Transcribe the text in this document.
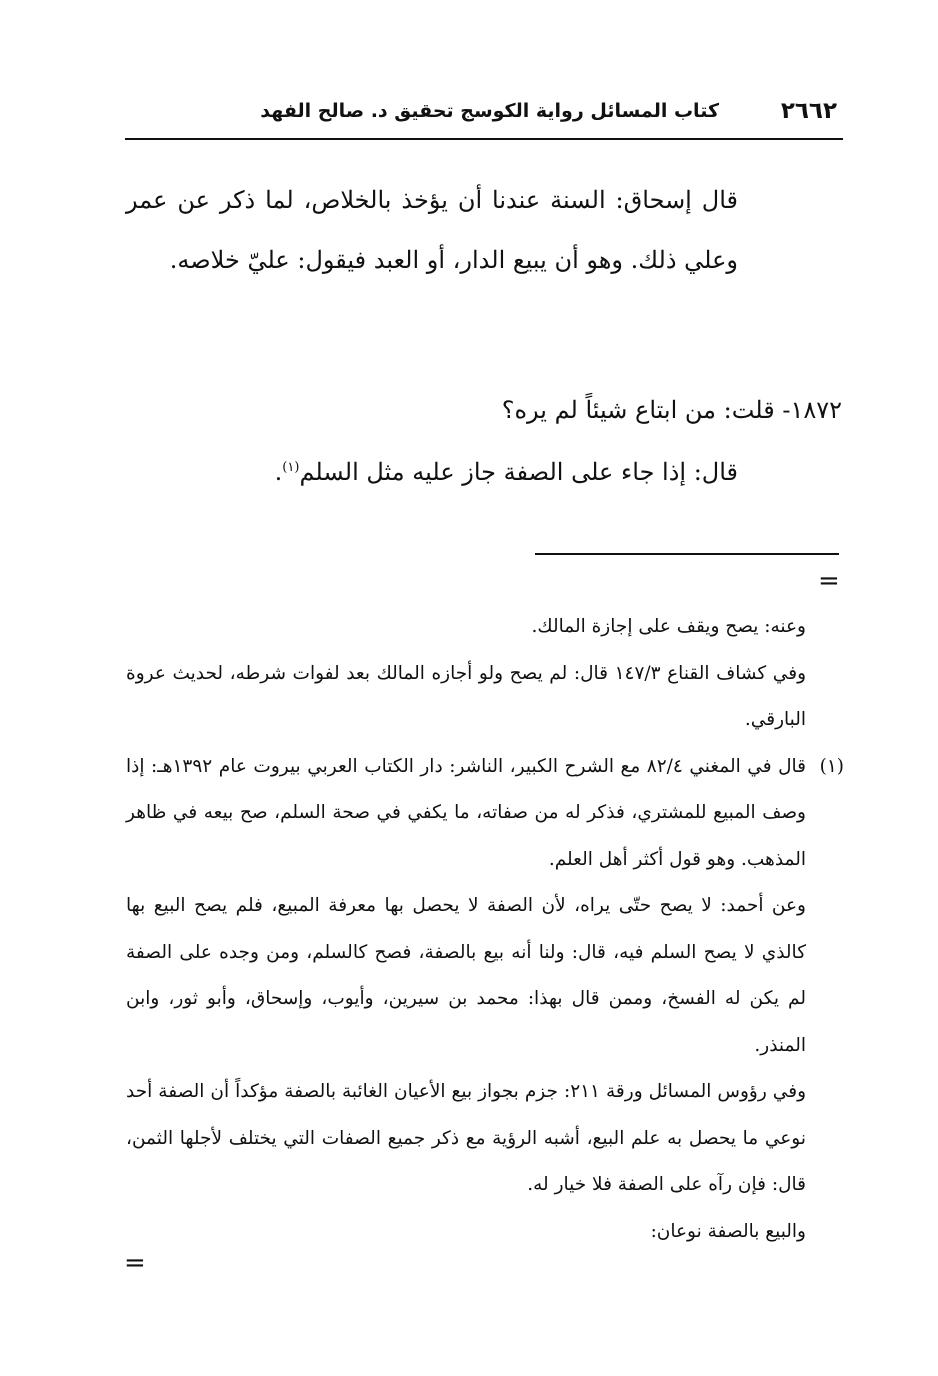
٢٦٦٢
كتاب المسائل رواية الكوسج تحقيق د. صالح الفهد

قال إسحاق: السنة عندنا أن يؤخذ بالخلاص، لما ذكر عن عمر وعلي ذلك. وهو أن يبيع الدار، أو العبد فيقول: عليّ خلاصه.

١٨٧٢- قلت: من ابتاع شيئاً لم يره؟
قال: إذا جاء على الصفة جاز عليه مثل السلم$^{(١)}$.
=

وعنه: يصح ويقف على إجازة المالك.

وفي كشاف القناع ١٤٧/٣ قال: لم يصح ولو أجازه المالك بعد لفوات شرطه، لحديث عروة البارقي.

(١)

قال في المغني ٨٢/٤ مع الشرح الكبير، الناشر: دار الكتاب العربي بيروت عام ١٣٩٢هـ: إذا وصف المبيع للمشتري، فذكر له من صفاته، ما يكفي في صحة السلم، صح بيعه في ظاهر المذهب. وهو قول أكثر أهل العلم.

وعن أحمد: لا يصح حتّى يراه، لأن الصفة لا يحصل بها معرفة المبيع، فلم يصح البيع بها كالذي لا يصح السلم فيه، قال: ولنا أنه بيع بالصفة، فصح كالسلم، ومن وجده على الصفة لم يكن له الفسخ، وممن قال بهذا: محمد بن سيرين، وأيوب، وإسحاق، وأبو ثور، وابن المنذر.

وفي رؤوس المسائل ورقة ٢١١: جزم بجواز بيع الأعيان الغائبة بالصفة مؤكداً أن الصفة أحد نوعي ما يحصل به علم البيع، أشبه الرؤية مع ذكر جميع الصفات التي يختلف لأجلها الثمن، قال: فإن رآه على الصفة فلا خيار له.

والبيع بالصفة نوعان:

=
